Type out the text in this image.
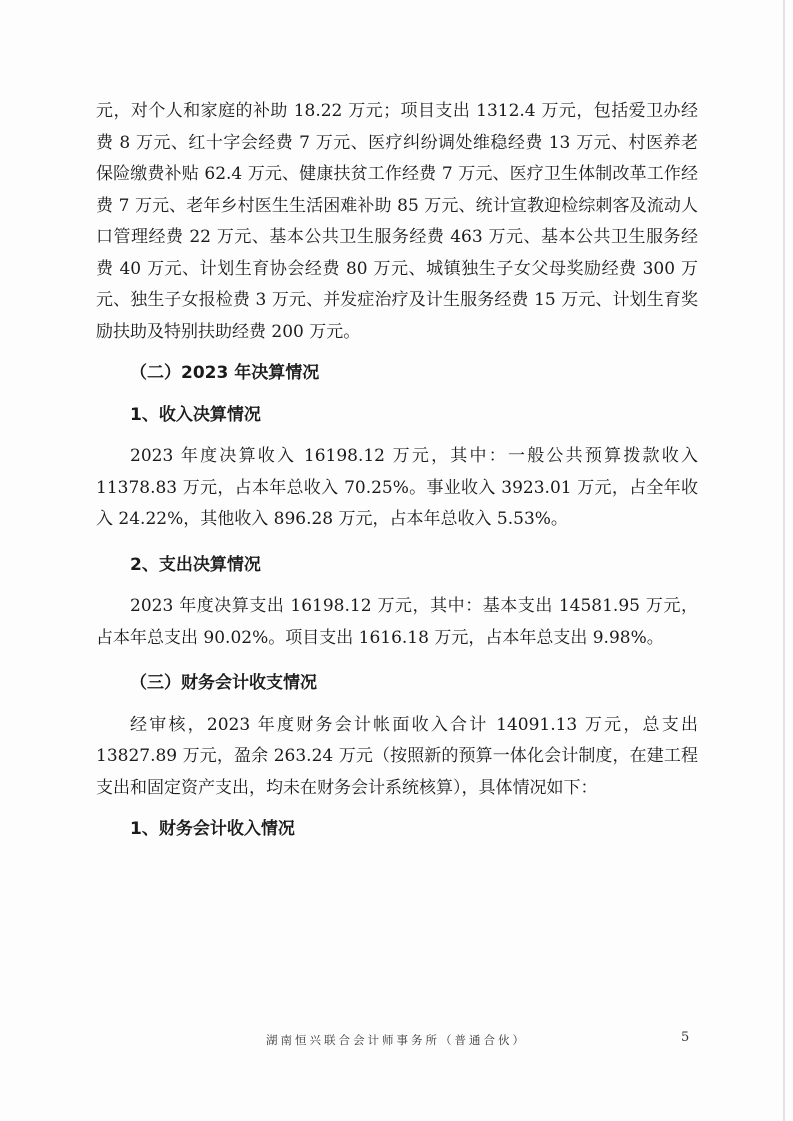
元，对个人和家庭的补助 18.22 万元；项目支出 1312.4 万元，包括爱卫办经费 8 万元、红十字会经费 7 万元、医疗纠纷调处维稳经费 13 万元、村医养老保险缴费补贴 62.4 万元、健康扶贫工作经费 7 万元、医疗卫生体制改革工作经费 7 万元、老年乡村医生生活困难补助 85 万元、统计宣教迎检综刺客及流动人口管理经费 22 万元、基本公共卫生服务经费 463 万元、基本公共卫生服务经费 40 万元、计划生育协会经费 80 万元、城镇独生子女父母奖励经费 300 万元、独生子女报检费 3 万元、并发症治疗及计生服务经费 15 万元、计划生育奖励扶助及特别扶助经费 200 万元。

（二）2023 年决算情况

1、收入决算情况

2023 年度决算收入 16198.12 万元，其中：一般公共预算拨款收入 11378.83 万元，占本年总收入 70.25%。事业收入 3923.01 万元，占全年收入 24.22%，其他收入 896.28 万元，占本年总收入 5.53%。

2、支出决算情况

2023 年度决算支出 16198.12 万元，其中：基本支出 14581.95 万元，占本年总支出 90.02%。项目支出 1616.18 万元，占本年总支出 9.98%。

（三）财务会计收支情况

经审核，2023 年度财务会计帐面收入合计 14091.13 万元，总支出 13827.89 万元，盈余 263.24 万元（按照新的预算一体化会计制度，在建工程支出和固定资产支出，均未在财务会计系统核算），具体情况如下：

1、财务会计收入情况

湖南恒兴联合会计师事务所（普通合伙）	5
